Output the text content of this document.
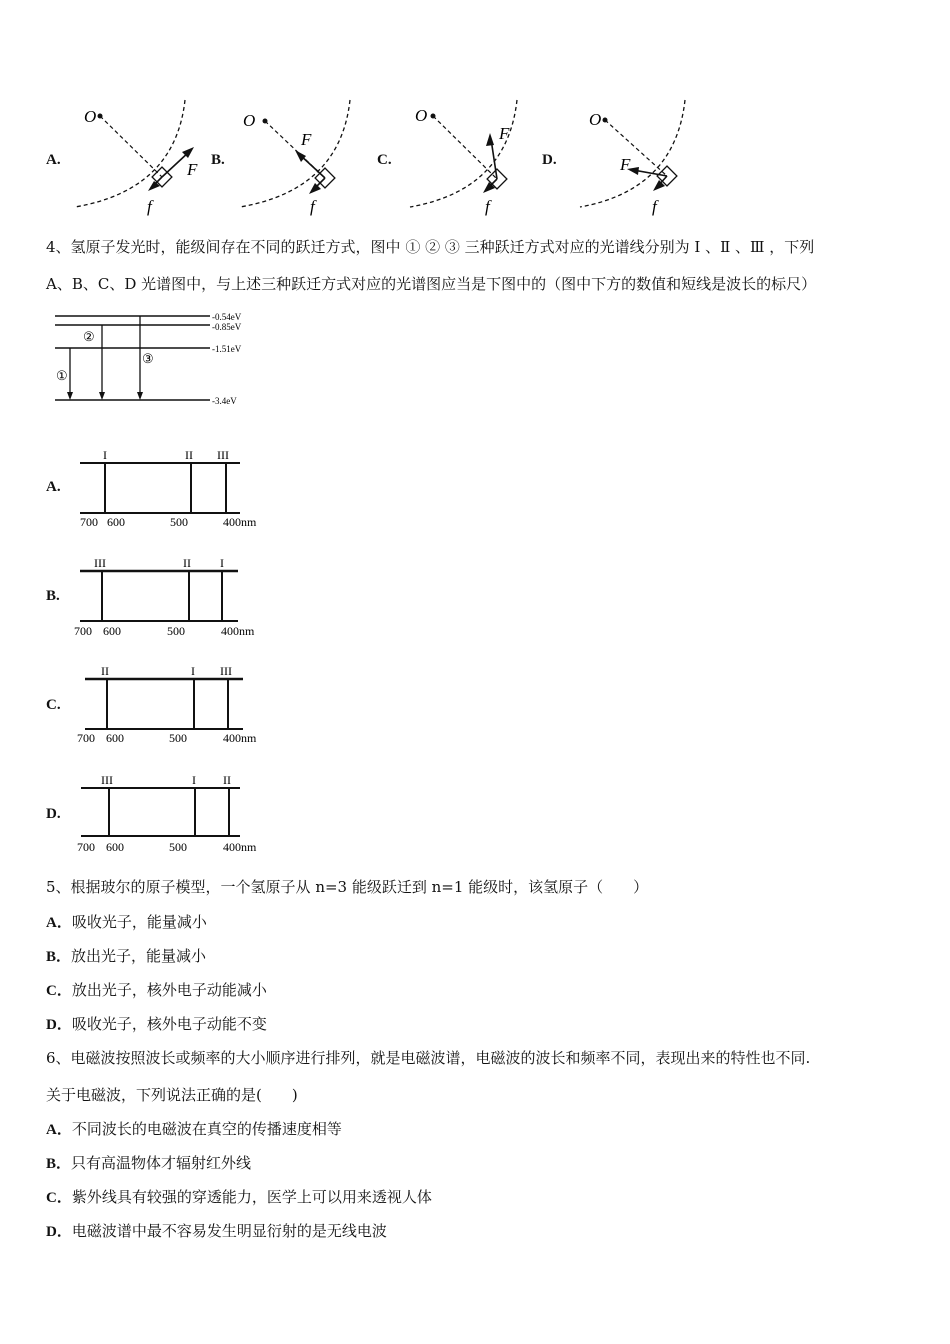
A.
O
F
f
B.
O
F
f
C.
O
F
f
D.
O
F
f
4、氢原子发光时，能级间存在不同的跃迁方式，图中 ① ② ③ 三种跃迁方式对应的光谱线分别为 Ⅰ 、Ⅱ 、Ⅲ ，下列
A、B、C、D 光谱图中，与上述三种跃迁方式对应的光谱图应当是下图中的（图中下方的数值和短线是波长的标尺）
-0.54eV
-0.85eV
-1.51eV
-3.4eV
①
②
③
A.
I	II III
700 600	500	400nm
B.
III	II I
700 600	500	400nm
C.
II	I III
700 600	500	400nm
D.
III	I II
700 600	500	400nm
5、根据玻尔的原子模型，一个氢原子从 n=3 能级跃迁到 n=1 能级时，该氢原子（　　）
A．吸收光子，能量减小
B．放出光子，能量减小
C．放出光子，核外电子动能减小
D．吸收光子，核外电子动能不变
6、电磁波按照波长或频率的大小顺序进行排列，就是电磁波谱，电磁波的波长和频率不同，表现出来的特性也不同.
关于电磁波，下列说法正确的是(　　)
A．不同波长的电磁波在真空的传播速度相等
B．只有高温物体才辐射红外线
C．紫外线具有较强的穿透能力，医学上可以用来透视人体
D．电磁波谱中最不容易发生明显衍射的是无线电波
